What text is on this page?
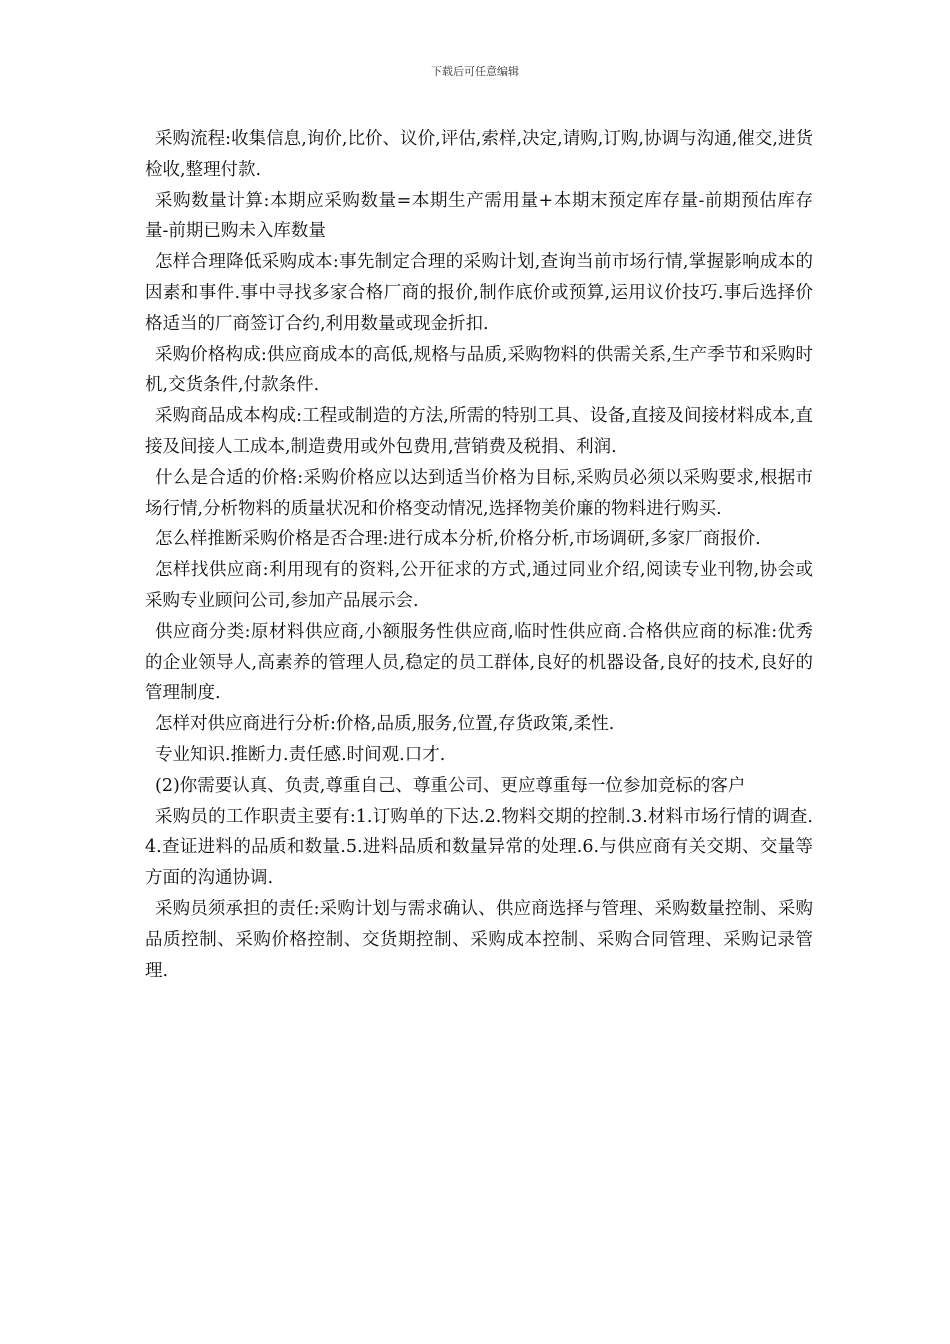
下载后可任意编辑

采购流程:收集信息,询价,比价、议价,评估,索样,决定,请购,订购,协调与沟通,催交,进货检收,整理付款.

采购数量计算:本期应采购数量=本期生产需用量+本期末预定库存量-前期预估库存量-前期已购未入库数量

怎样合理降低采购成本:事先制定合理的采购计划,查询当前市场行情,掌握影响成本的因素和事件.事中寻找多家合格厂商的报价,制作底价或预算,运用议价技巧.事后选择价格适当的厂商签订合约,利用数量或现金折扣.

采购价格构成:供应商成本的高低,规格与品质,采购物料的供需关系,生产季节和采购时机,交货条件,付款条件.

采购商品成本构成:工程或制造的方法,所需的特别工具、设备,直接及间接材料成本,直接及间接人工成本,制造费用或外包费用,营销费及税捐、利润.

什么是合适的价格:采购价格应以达到适当价格为目标,采购员必须以采购要求,根据市场行情,分析物料的质量状况和价格变动情况,选择物美价廉的物料进行购买.

怎么样推断采购价格是否合理:进行成本分析,价格分析,市场调研,多家厂商报价.

怎样找供应商:利用现有的资料,公开征求的方式,通过同业介绍,阅读专业刊物,协会或采购专业顾问公司,参加产品展示会.

供应商分类:原材料供应商,小额服务性供应商,临时性供应商.合格供应商的标准:优秀的企业领导人,高素养的管理人员,稳定的员工群体,良好的机器设备,良好的技术,良好的管理制度.

怎样对供应商进行分析:价格,品质,服务,位置,存货政策,柔性.

专业知识.推断力.责任感.时间观.口才.

(2)你需要认真、负责,尊重自己、尊重公司、更应尊重每一位参加竞标的客户

采购员的工作职责主要有:1.订购单的下达.2.物料交期的控制.3.材料市场行情的调查.4.查证进料的品质和数量.5.进料品质和数量异常的处理.6.与供应商有关交期、交量等方面的沟通协调.

采购员须承担的责任:采购计划与需求确认、供应商选择与管理、采购数量控制、采购品质控制、采购价格控制、交货期控制、采购成本控制、采购合同管理、采购记录管理.
